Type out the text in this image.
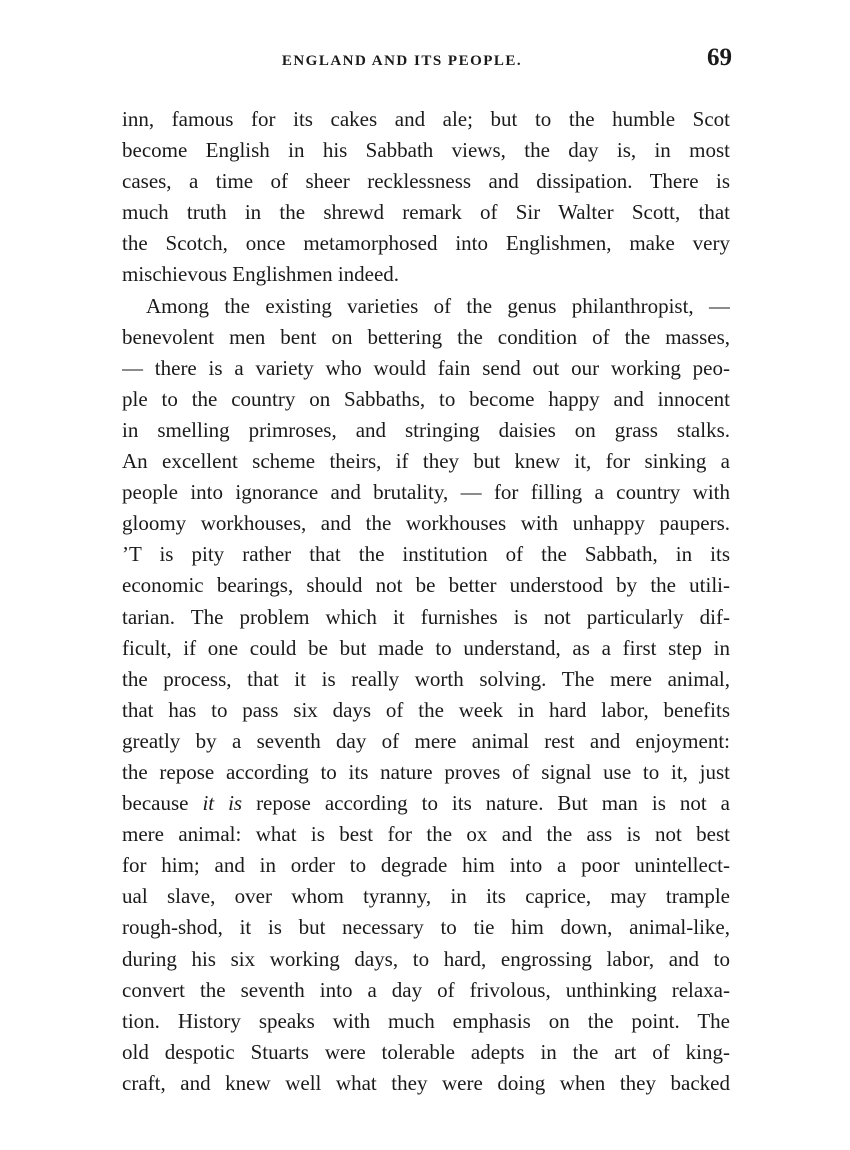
ENGLAND AND ITS PEOPLE.	69
inn, famous for its cakes and ale; but to the humble Scot
become English in his Sabbath views, the day is, in most
cases, a time of sheer recklessness and dissipation. There is
much truth in the shrewd remark of Sir Walter Scott, that
the Scotch, once metamorphosed into Englishmen, make very
mischievous Englishmen indeed.
Among the existing varieties of the genus philanthropist, —
benevolent men bent on bettering the condition of the masses,
— there is a variety who would fain send out our working peo-
ple to the country on Sabbaths, to become happy and innocent
in smelling primroses, and stringing daisies on grass stalks.
An excellent scheme theirs, if they but knew it, for sinking a
people into ignorance and brutality, — for filling a country with
gloomy workhouses, and the workhouses with unhappy paupers.
’T is pity rather that the institution of the Sabbath, in its
economic bearings, should not be better understood by the utili-
tarian. The problem which it furnishes is not particularly dif-
ficult, if one could be but made to understand, as a first step in
the process, that it is really worth solving. The mere animal,
that has to pass six days of the week in hard labor, benefits
greatly by a seventh day of mere animal rest and enjoyment:
the repose according to its nature proves of signal use to it, just
because it is repose according to its nature. But man is not a
mere animal: what is best for the ox and the ass is not best
for him; and in order to degrade him into a poor unintellect-
ual slave, over whom tyranny, in its caprice, may trample
rough-shod, it is but necessary to tie him down, animal-like,
during his six working days, to hard, engrossing labor, and to
convert the seventh into a day of frivolous, unthinking relaxa-
tion. History speaks with much emphasis on the point. The
old despotic Stuarts were tolerable adepts in the art of king-
craft, and knew well what they were doing when they backed
